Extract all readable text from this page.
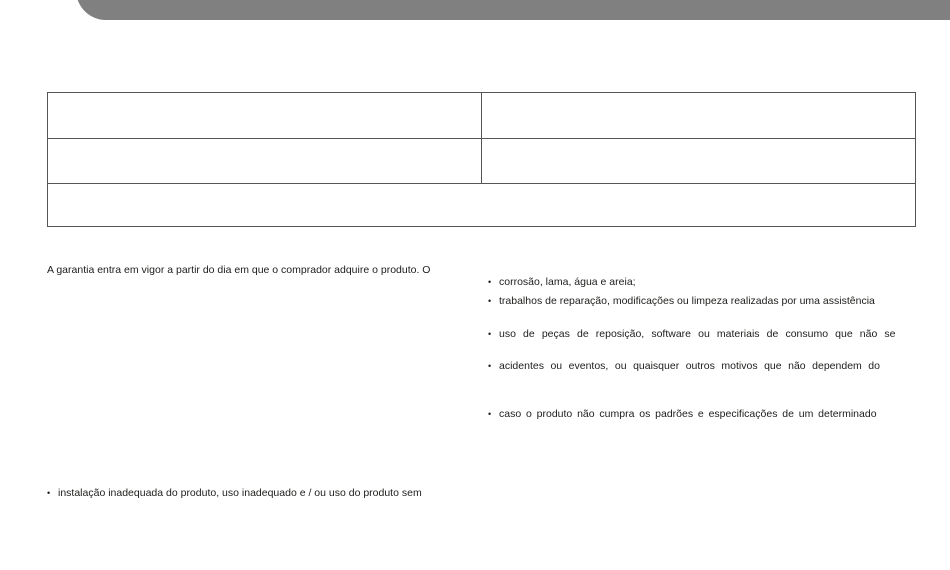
A garantia entra em vigor a partir do dia em que o comprador adquire o produto. O

• instalação inadequada do produto, uso inadequado e / ou uso do produto sem
• corrosão, lama, água e areia;
• trabalhos de reparação, modificações ou limpeza realizadas por uma assistência
• uso de peças de reposição, software ou materiais de consumo que não se
• acidentes ou eventos, ou quaisquer outros motivos que não dependem do
• caso o produto não cumpra os padrões e especificações de um determinado
